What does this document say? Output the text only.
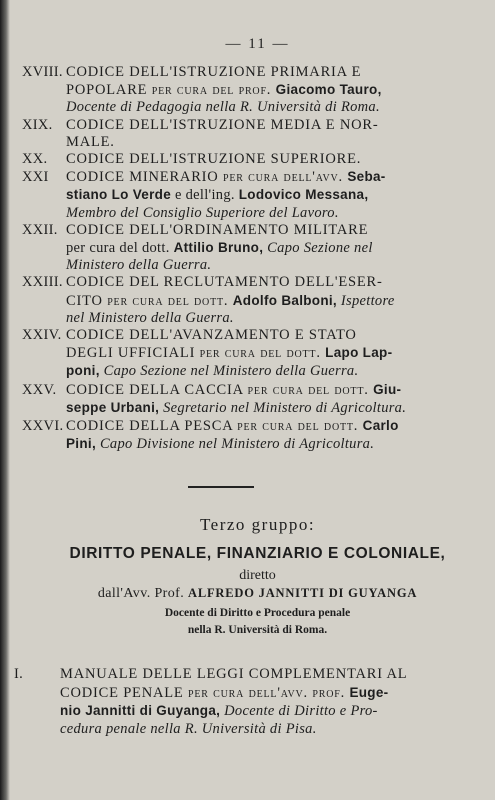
— 11 —
XVIII. CODICE DELL'ISTRUZIONE PRIMARIA E
POPOLARE per cura del prof. Giacomo Tauro,
Docente di Pedagogia nella R. Università di Roma.
XIX. CODICE DELL'ISTRUZIONE MEDIA E NOR-
MALE.
XX. CODICE DELL'ISTRUZIONE SUPERIORE.
XXI CODICE MINERARIO per cura dell'avv. Seba-
stiano Lo Verde e dell'ing. Lodovico Messana,
Membro del Consiglio Superiore del Lavoro.
XXII. CODICE DELL'ORDINAMENTO MILITARE
per cura del dott. Attilio Bruno, Capo Sezione nel
Ministero della Guerra.
XXIII. CODICE DEL RECLUTAMENTO DELL'ESER-
CITO per cura del dott. Adolfo Balboni, Ispettore
nel Ministero della Guerra.
XXIV. CODICE DELL'AVANZAMENTO E STATO
DEGLI UFFICIALI per cura del dott. Lapo Lap-
poni, Capo Sezione nel Ministero della Guerra.
XXV. CODICE DELLA CACCIA per cura del dott. Giu-
seppe Urbani, Segretario nel Ministero di Agricoltura.
XXVI. CODICE DELLA PESCA per cura del dott. Carlo
Pini, Capo Divisione nel Ministero di Agricoltura.
Terzo gruppo:
DIRITTO PENALE, FINANZIARIO E COLONIALE,
diretto
dall'Avv. Prof. ALFREDO JANNITTI DI GUYANGA
Docente di Diritto e Procedura penale
nella R. Università di Roma.
I.	MANUALE DELLE LEGGI COMPLEMENTARI AL
CODICE PENALE per cura dell'avv. prof. Euge-
nio Jannitti di Guyanga, Docente di Diritto e Pro-
cedura penale nella R. Università di Pisa.
